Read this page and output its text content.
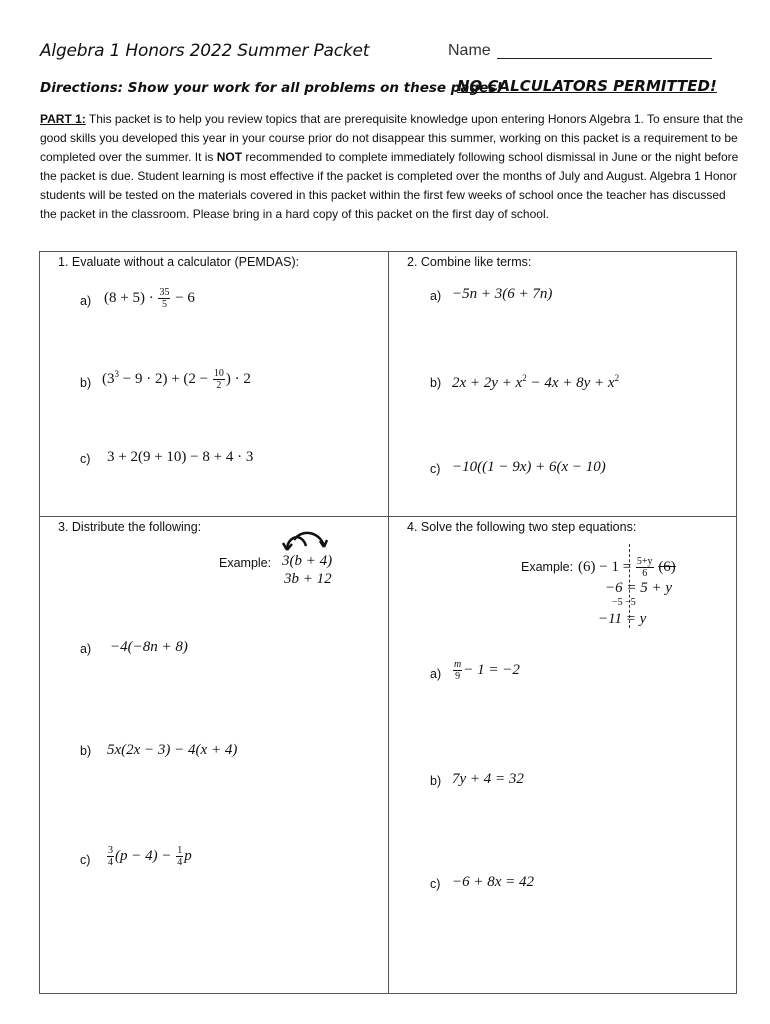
Algebra 1 Honors 2022 Summer Packet	Name
Directions: Show your work for all problems on these pages!
NO CALCULATORS PERMITTED!
PART 1: This packet is to help you review topics that are prerequisite knowledge upon entering Honors Algebra 1. To ensure that the good skills you developed this year in your course prior do not disappear this summer, working on this packet is a requirement to be completed over the summer. It is NOT recommended to complete immediately following school dismissal in June or the night before the packet is due. Student learning is most effective if the packet is completed over the months of July and August. Algebra 1 Honor students will be tested on the materials covered in this packet within the first few weeks of school once the teacher has discussed the packet in the classroom. Please bring in a hard copy of this packet on the first day of school.
1. Evaluate without a calculator (PEMDAS):
a) $(8 + 5) \cdot \frac{35}{5} - 6$
b) $(3^3 - 9 \cdot 2) + (2 - \frac{10}{2}$ ) · 2
c) 3 + 2(9 + 10) − 8 + 4 · 3
2. Combine like terms:
a) −5n + 3(6 + 7n)
b) $2x + 2y + x^2 - 4x + 8y + x^2$
c) −10((1 − 9x) + 6(x − 10)
3. Distribute the following:
Example: 3(b + 4)
3b + 12
a) −4(−8n + 8)
b) 5x(2x − 3) − 4(x + 4)
$c) \frac{3}{4} (p - 4) - \frac{1}{4}$ p
4. Solve the following two step equations:
Example: $(6) - 1 = \frac{5+y}{6} (6)$
−6 = 5 + y
−5 −5
−11 = y
$a) \frac{m}{9} - 1 = -2$
b) 7y + 4 = 32
c) −6 + 8x = 42
